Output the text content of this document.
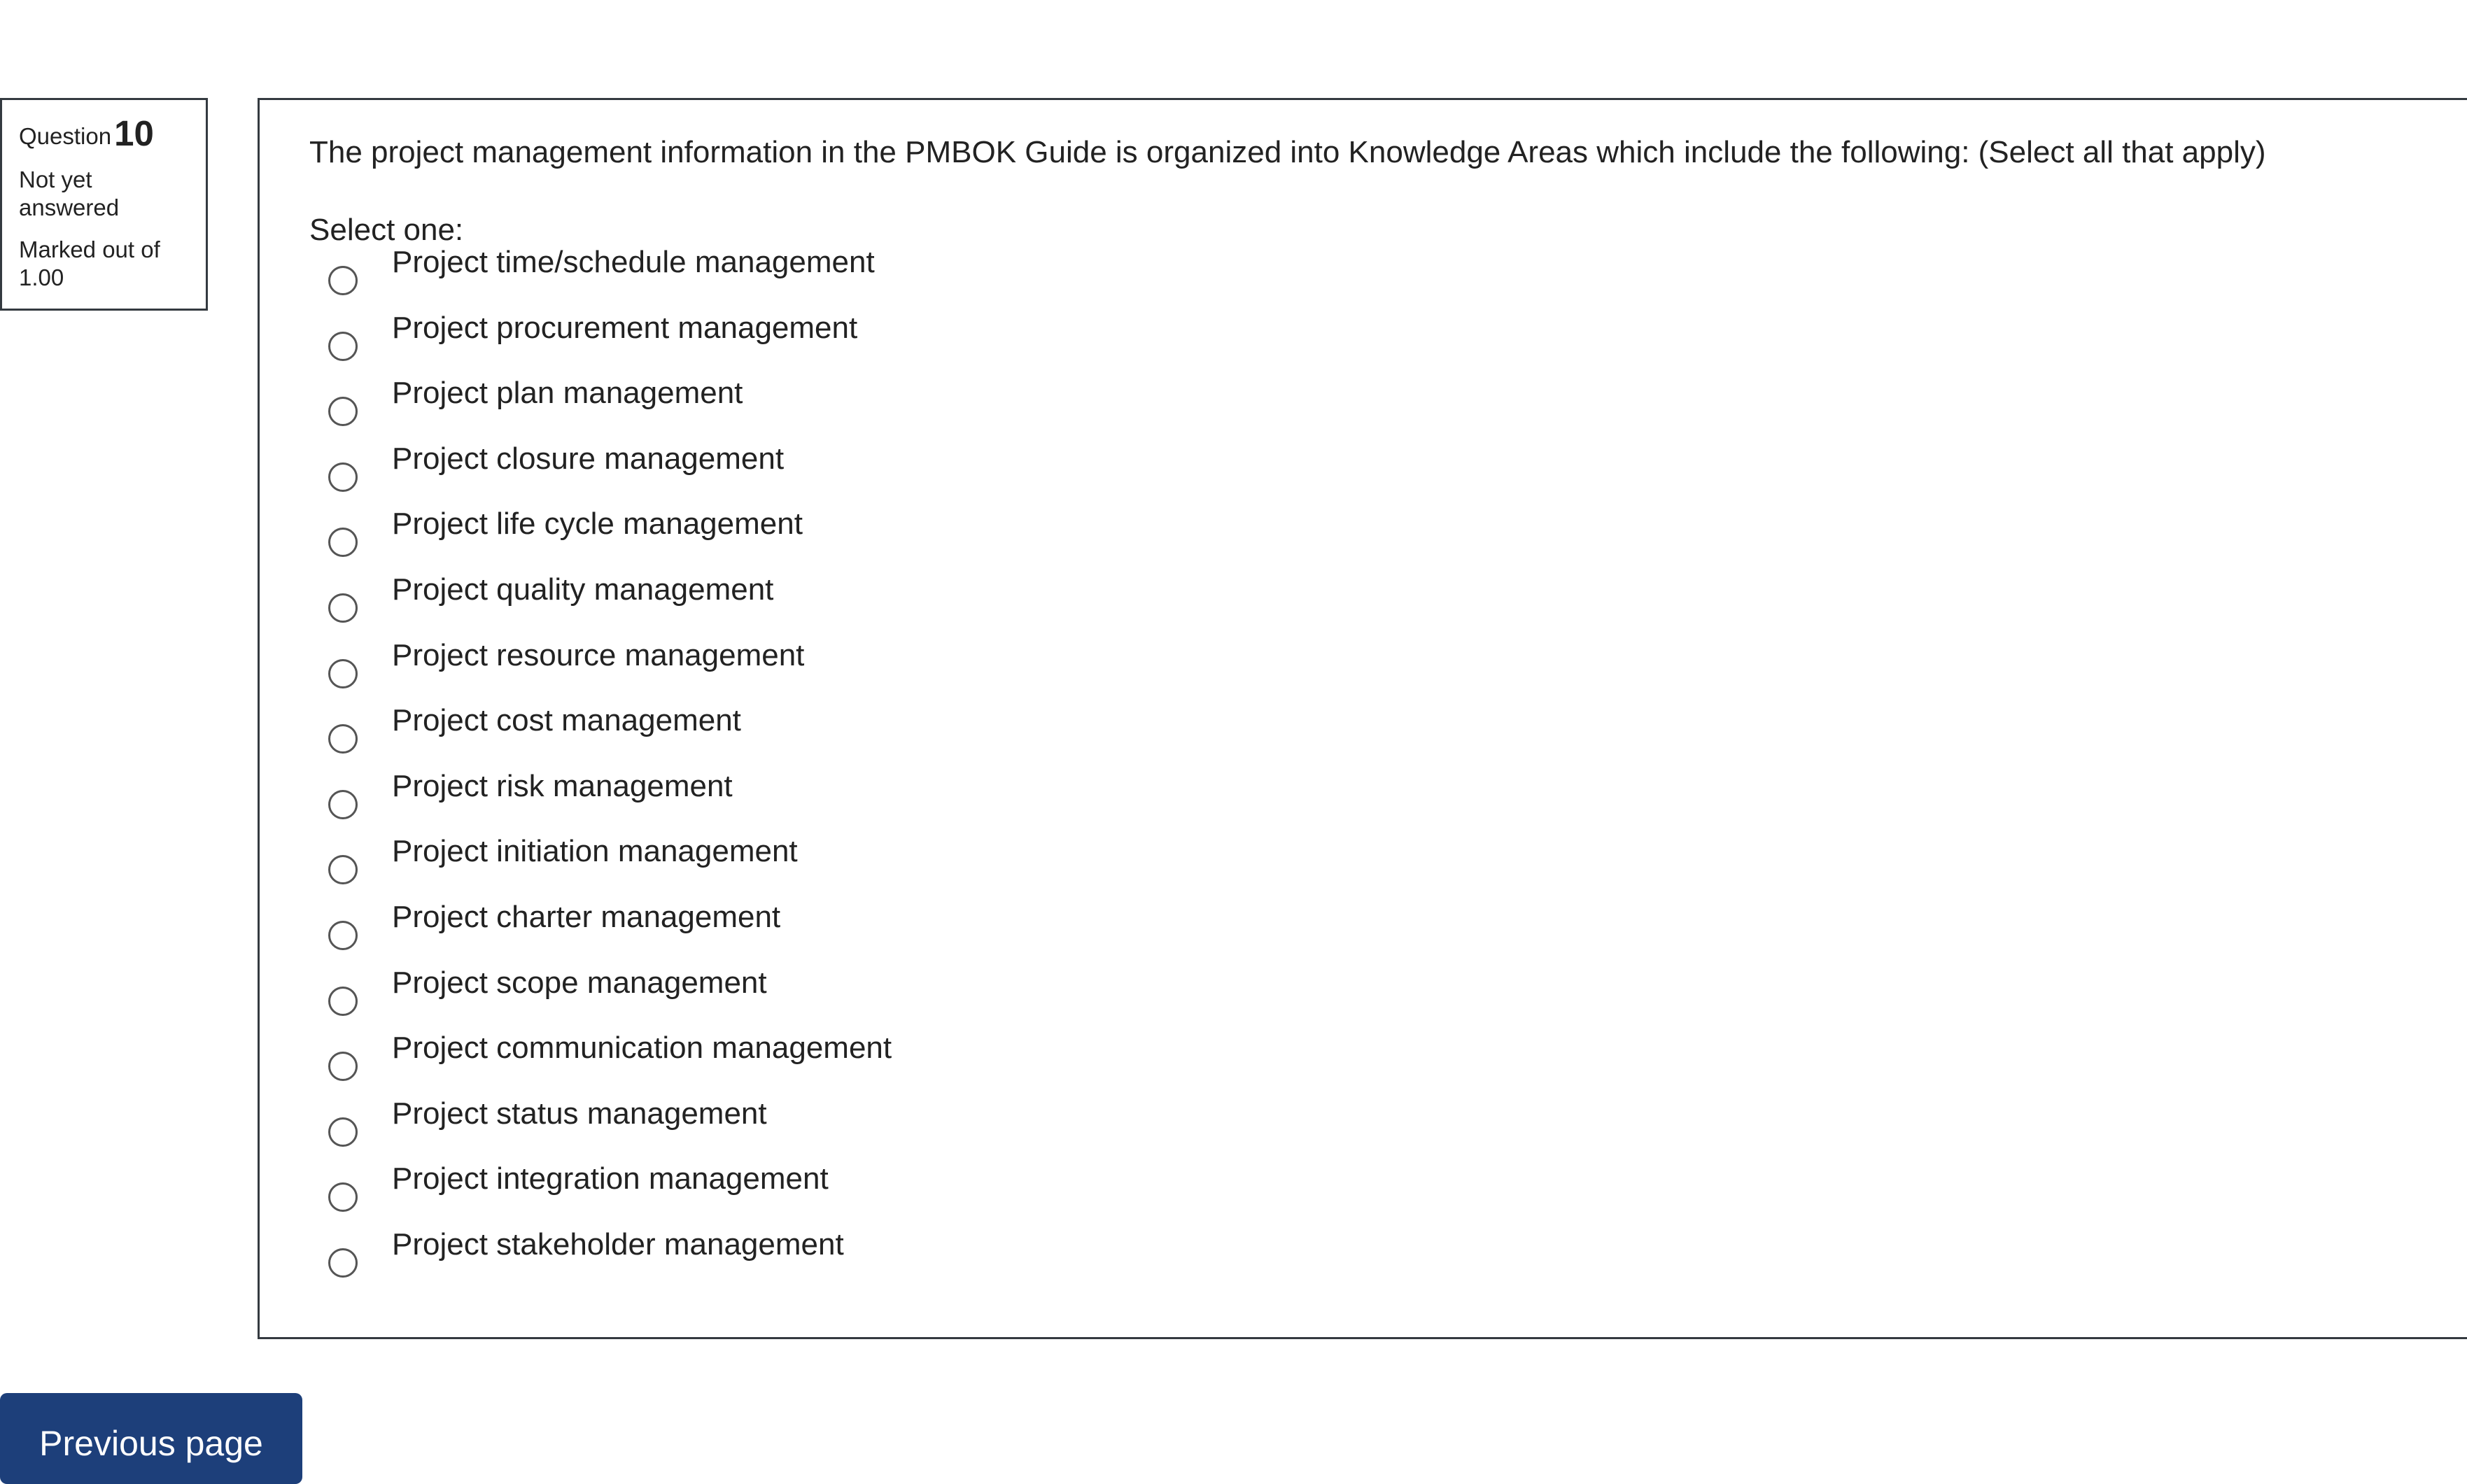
Question10

Not yet answered
Marked out of 1.00

The project management information in the PMBOK Guide is organized into Knowledge Areas which include the following: (Select all that apply)

Select one:

Project time/schedule management
Project procurement management
Project plan management
Project closure management
Project life cycle management
Project quality management
Project resource management
Project cost management
Project risk management
Project initiation management
Project charter management
Project scope management
Project communication management
Project status management
Project integration management
Project stakeholder management
Previous page
